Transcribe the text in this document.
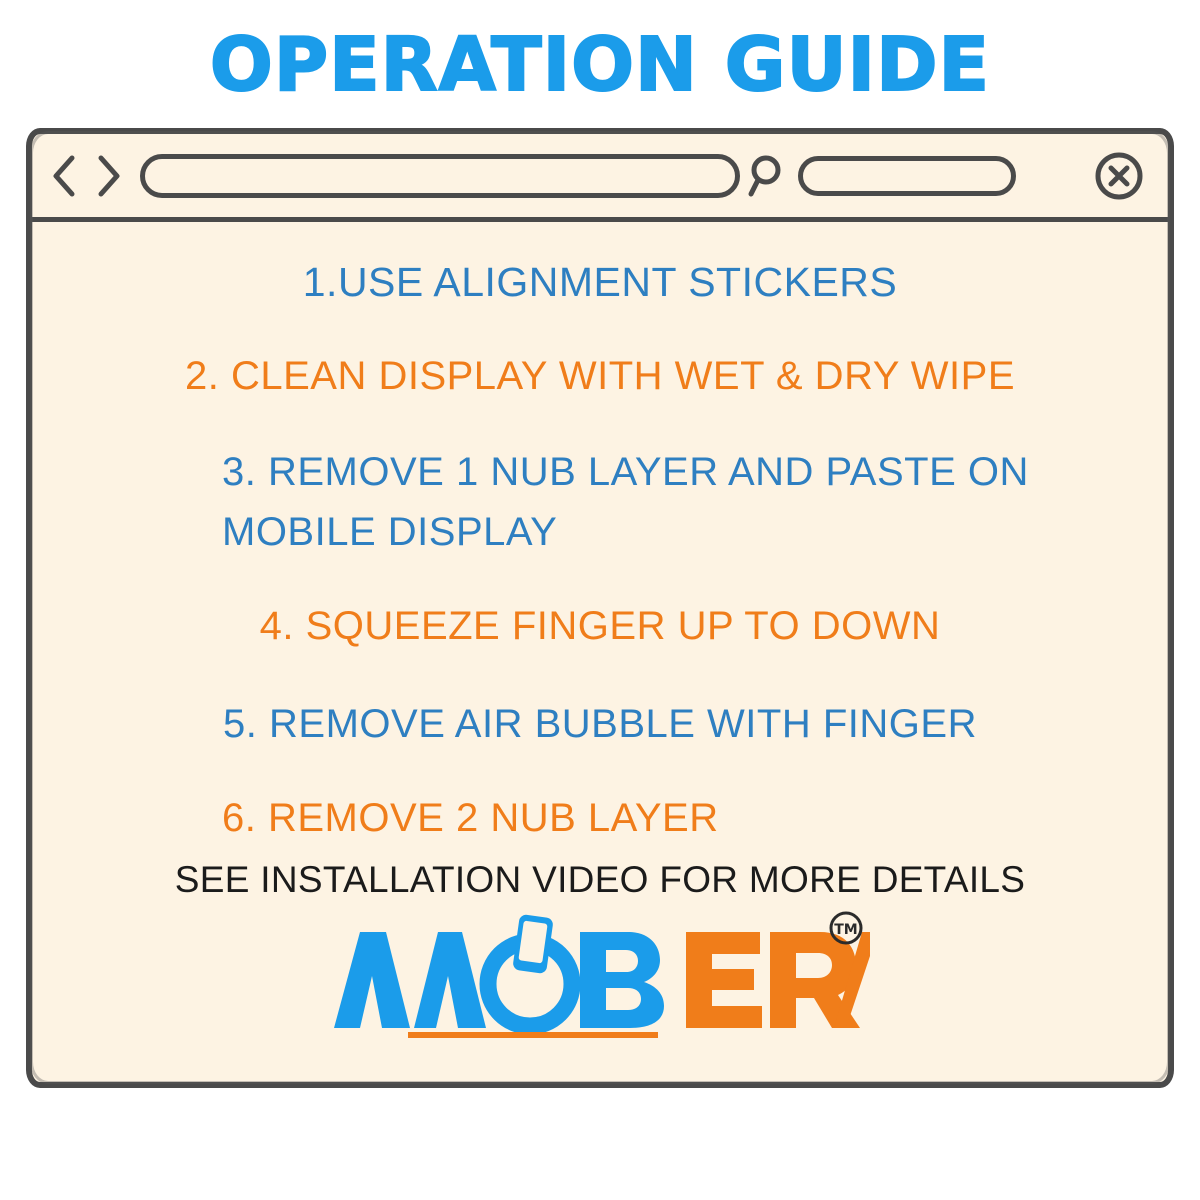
OPERATION GUIDE
1.USE ALIGNMENT STICKERS
2. CLEAN DISPLAY WITH WET & DRY WIPE
3. REMOVE 1 NUB LAYER AND PASTE ON MOBILE DISPLAY
4. SQUEEZE FINGER UP TO DOWN
5. REMOVE AIR BUBBLE WITH FINGER
6. REMOVE 2 NUB LAYER
SEE INSTALLATION VIDEO FOR MORE DETAILS
TM
